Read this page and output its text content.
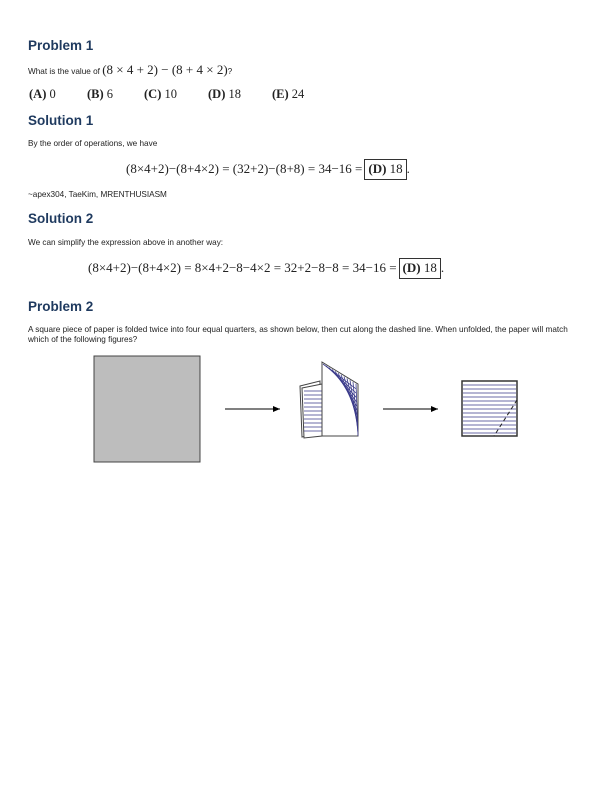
Problem 1

What is the value of (8 × 4 + 2) − (8 + 4 × 2)?

(A) 0	(B) 6 (C) 10 (D) 18 (E) 24
Solution 1

By the order of operations, we have

(8×4+2)−(8+4×2) = (32+2)−(8+8) = 34−16 = (D) 18 .

~apex304, TaeKim, MRENTHUSIASM

Solution 2

We can simplify the expression above in another way:

(8×4+2)−(8+4×2) = 8×4+2−8−4×2 = 32+2−8−8 = 34−16 = (D) 18 .
Problem 2

A square piece of paper is folded twice into four equal quarters, as shown below, then cut along the dashed line. When unfolded, the paper will match which of the following figures?
